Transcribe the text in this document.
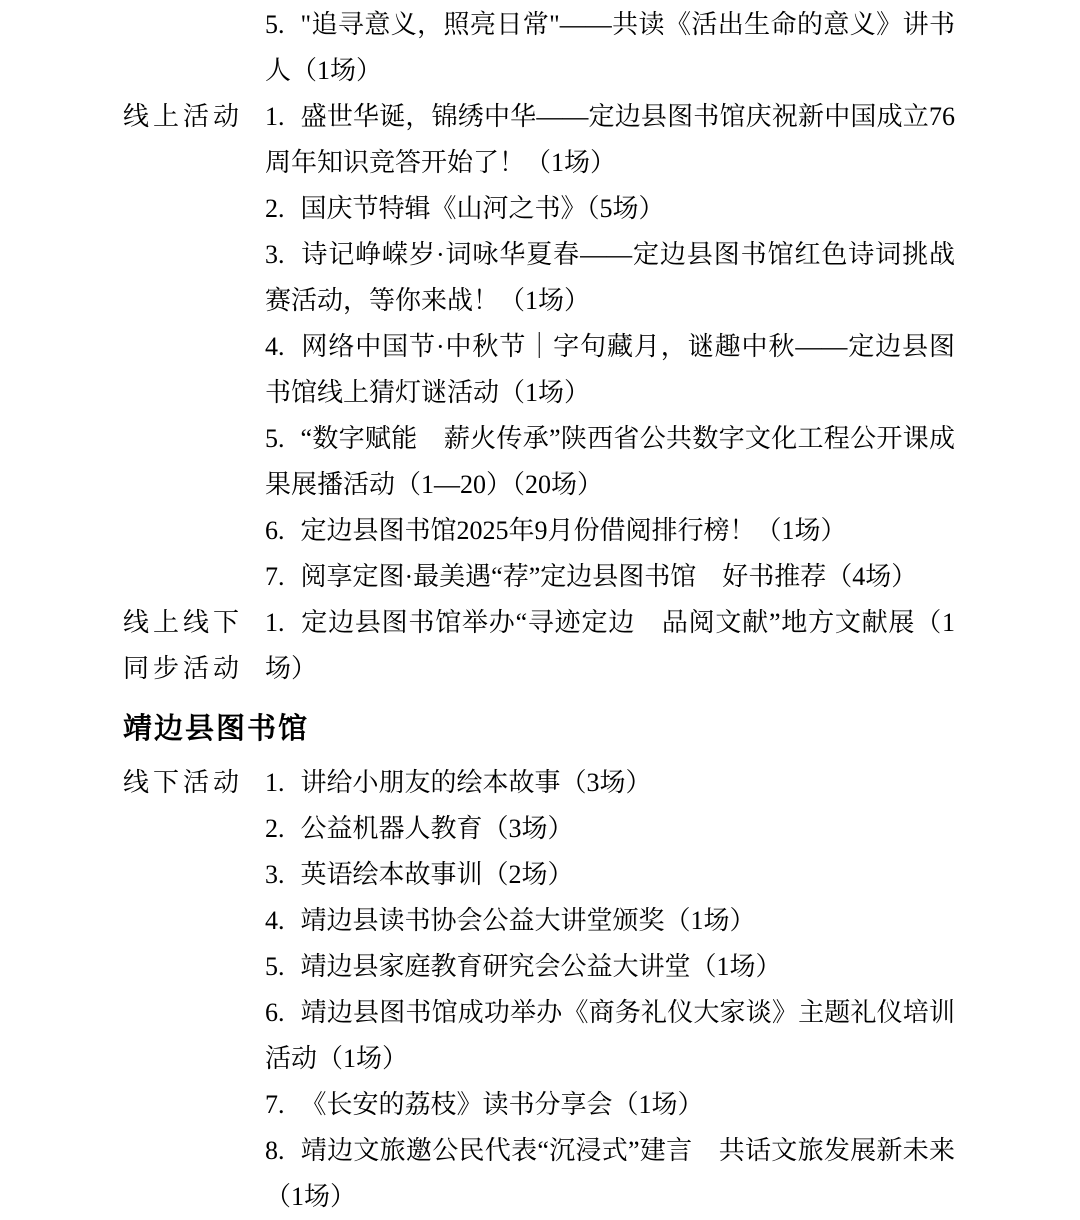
5. "追寻意义，照亮日常"——共读《活出生命的意义》讲书人（1场）

线上活动 1. 盛世华诞，锦绣中华——定边县图书馆庆祝新中国成立76周年知识竞答开始了！（1场）

2. 国庆节特辑《山河之书》（5场）

3. 诗记峥嵘岁·词咏华夏春——定边县图书馆红色诗词挑战赛活动，等你来战！（1场）

4. 网络中国节·中秋节｜字句藏月，谜趣中秋——定边县图书馆线上猜灯谜活动（1场）

5. “数字赋能　薪火传承”陕西省公共数字文化工程公开课成果展播活动（1—20）（20场）

6. 定边县图书馆2025年9月份借阅排行榜！（1场）

7. 阅享定图·最美遇“荐”定边县图书馆　好书推荐（4场）

线上线下同步活动

1. 定边县图书馆举办“寻迹定边　品阅文献”地方文献展（1场）

靖边县图书馆
线下活动 1. 讲给小朋友的绘本故事（3场）

2. 公益机器人教育（3场）

3. 英语绘本故事训（2场）

4. 靖边县读书协会公益大讲堂颁奖（1场）

5. 靖边县家庭教育研究会公益大讲堂（1场）

6. 靖边县图书馆成功举办《商务礼仪大家谈》主题礼仪培训活动（1场）

7. 《长安的荔枝》读书分享会（1场）

8. 靖边文旅邀公民代表“沉浸式”建言　共话文旅发展新未来（1场）
